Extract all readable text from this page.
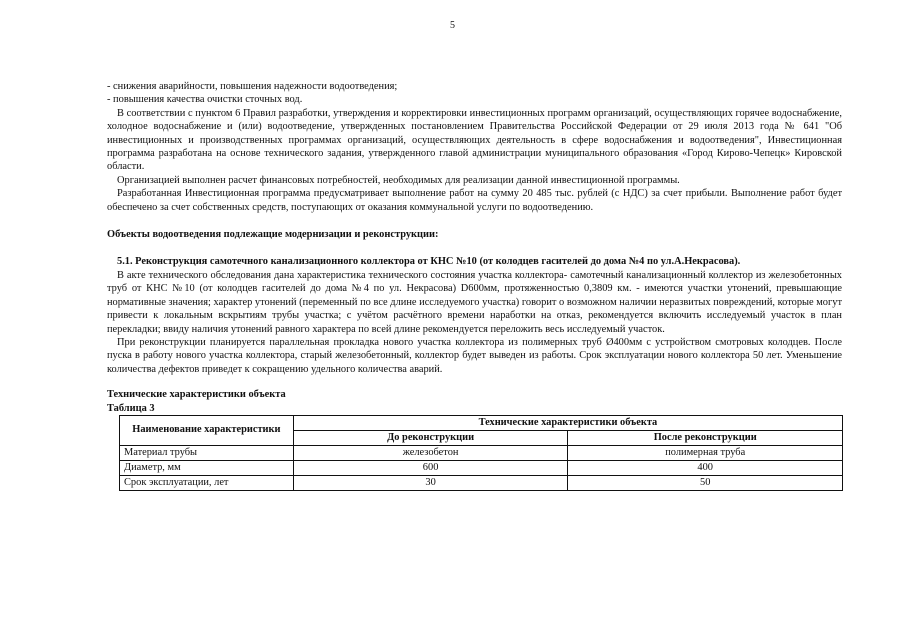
5

- снижения аварийности, повышения надежности водоотведения;

- повышения качества очистки сточных вод.

В соответствии с пунктом 6 Правил разработки, утверждения и корректировки инвестиционных программ организаций, осуществляющих горячее водоснабжение, холодное водоснабжение и (или) водоотведение, утвержденных постановлением Правительства Российской Федерации от 29 июля 2013 года № 641 "Об инвестиционных и производственных программах организаций, осуществляющих деятельность в сфере водоснабжения и водоотведения", Инвестиционная программа разработана на основе технического задания, утвержденного главой администрации муниципального образования «Город Кирово-Чепецк» Кировской области.

Организацией выполнен расчет финансовых потребностей, необходимых для реализации данной инвестиционной программы.

Разработанная Инвестиционная программа предусматривает выполнение работ на сумму 20 485 тыс. рублей (с НДС) за счет прибыли. Выполнение работ будет обеспечено за счет собственных средств, поступающих от оказания коммунальной услуги по водоотведению.

Объекты водоотведения подлежащие модернизации и реконструкции:

5.1. Реконструкция самотечного канализационного коллектора от КНС №10 (от колодцев гасителей до дома №4 по ул.А.Некрасова).

В акте технического обследования дана характеристика технического состояния участка коллектора- самотечный канализационный коллектор из железобетонных труб от КНС №10 (от колодцев гасителей до дома №4 по ул. Некрасова) D600мм, протяженностью 0,3809 км. - имеются участки утонений, превышающие нормативные значения; характер утонений (переменный по все длине исследуемого участка) говорит о возможном наличии неразвитых повреждений, которые могут привести к локальным вскрытиям трубы участка; с учётом расчётного времени наработки на отказ, рекомендуется включить исследуемый участок в план перекладки; ввиду наличия утонений равного характера по всей длине рекомендуется переложить весь исследуемый участок.

При реконструкции планируется параллельная прокладка нового участка коллектора из полимерных труб Ø400мм с устройством смотровых колодцев. После пуска в работу нового участка коллектора, старый железобетонный, коллектор будет выведен из работы. Срок эксплуатации нового коллектора 50 лет. Уменьшение количества дефектов приведет к сокращению удельного количества аварий.

Технические характеристики объекта

Таблица 3

Наименование характеристики	Технические характеристики объекта	
	До реконструкции	После реконструкции
Материал трубы	железобетон	полимерная труба
Диаметр, мм	600	400
Срок эксплуатации, лет	30	50
